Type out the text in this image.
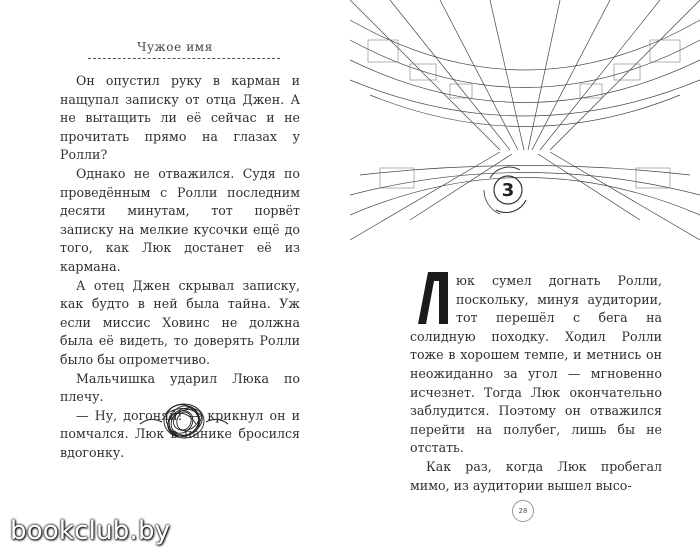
Чужое имя

Он опустил руку в карман и нащупал записку от отца Джен. А не вытащить ли её сейчас и не прочитать прямо на глазах у Ролли?

Однако не отважился. Судя по проведённым с Ролли последним десяти минутам, тот порвёт записку на мелкие кусочки ещё до того, как Люк достанет её из кармана.

А отец Джен скрывал записку, как будто в ней была тайна. Уж если миссис Ховинс не должна была её видеть, то доверять Ролли было бы опрометчиво.

Мальчишка ударил Люка по плечу.

— Ну, догоняй! — крикнул он и помчался. Люк в панике бросился вдогонку.

3

юк сумел догнать Ролли, поскольку, минуя аудитории, тот перешёл с бега на солидную походку. Ходил Ролли тоже в хорошем темпе, и метнись он неожиданно за угол — мгновенно исчезнет. Тогда Люк окончательно заблудится. Поэтому он отважился перейти на полубег, лишь бы не отстать.

Как раз, когда Люк пробегал мимо, из аудитории вышел высо-

28
bookclub.by
